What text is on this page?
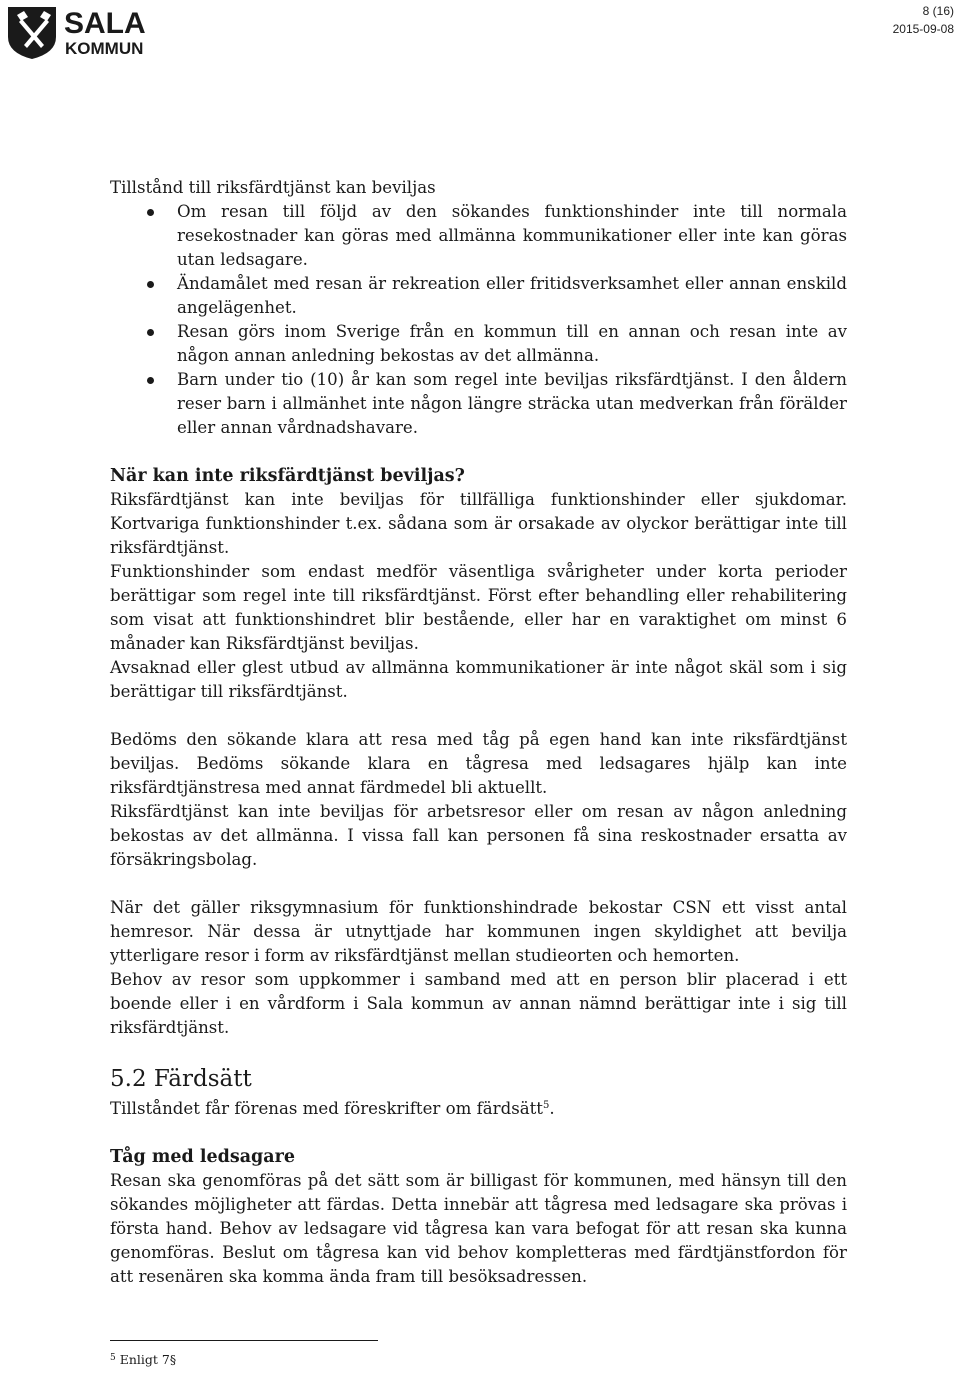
SALA
KOMMUN
8 (16)
2015-09-08

Tillstånd till riksfärdtjänst kan beviljas

Om resan till följd av den sökandes funktionshinder inte till normala resekostnader kan göras med allmänna kommunikationer eller inte kan göras utan ledsagare.
Ändamålet med resan är rekreation eller fritidsverksamhet eller annan enskild angelägenhet.
Resan görs inom Sverige från en kommun till en annan och resan inte av någon annan anledning bekostas av det allmänna.
Barn under tio (10) år kan som regel inte beviljas riksfärdtjänst. I den åldern reser barn i allmänhet inte någon längre sträcka utan medverkan från förälder eller annan vårdnadshavare.
När kan inte riksfärdtjänst beviljas?

Riksfärdtjänst kan inte beviljas för tillfälliga funktionshinder eller sjukdomar. Kortvariga funktionshinder t.ex. sådana som är orsakade av olyckor berättigar inte till riksfärdtjänst.

Funktionshinder som endast medför väsentliga svårigheter under korta perioder berättigar som regel inte till riksfärdtjänst. Först efter behandling eller rehabilitering som visat att funktionshindret blir bestående, eller har en varaktighet om minst 6 månader kan Riksfärdtjänst beviljas.

Avsaknad eller glest utbud av allmänna kommunikationer är inte något skäl som i sig berättigar till riksfärdtjänst.

Bedöms den sökande klara att resa med tåg på egen hand kan inte riksfärdtjänst beviljas. Bedöms sökande klara en tågresa med ledsagares hjälp kan inte riksfärdtjänstresa med annat färdmedel bli aktuellt.

Riksfärdtjänst kan inte beviljas för arbetsresor eller om resan av någon anledning bekostas av det allmänna. I vissa fall kan personen få sina reskostnader ersatta av försäkringsbolag.

När det gäller riksgymnasium för funktionshindrade bekostar CSN ett visst antal hemresor. När dessa är utnyttjade har kommunen ingen skyldighet att bevilja ytterligare resor i form av riksfärdtjänst mellan studieorten och hemorten.

Behov av resor som uppkommer i samband med att en person blir placerad i ett boende eller i en vårdform i Sala kommun av annan nämnd berättigar inte i sig till riksfärdtjänst.

5.2 Färdsätt

Tillståndet får förenas med föreskrifter om färdsätt$^5$.

Tåg med ledsagare

Resan ska genomföras på det sätt som är billigast för kommunen, med hänsyn till den sökandes möjligheter att färdas. Detta innebär att tågresa med ledsagare ska prövas i första hand. Behov av ledsagare vid tågresa kan vara befogat för att resan ska kunna genomföras. Beslut om tågresa kan vid behov kompletteras med färdtjänstfordon för att resenären ska komma ända fram till besöksadressen.

$^5$ Enligt 7§
